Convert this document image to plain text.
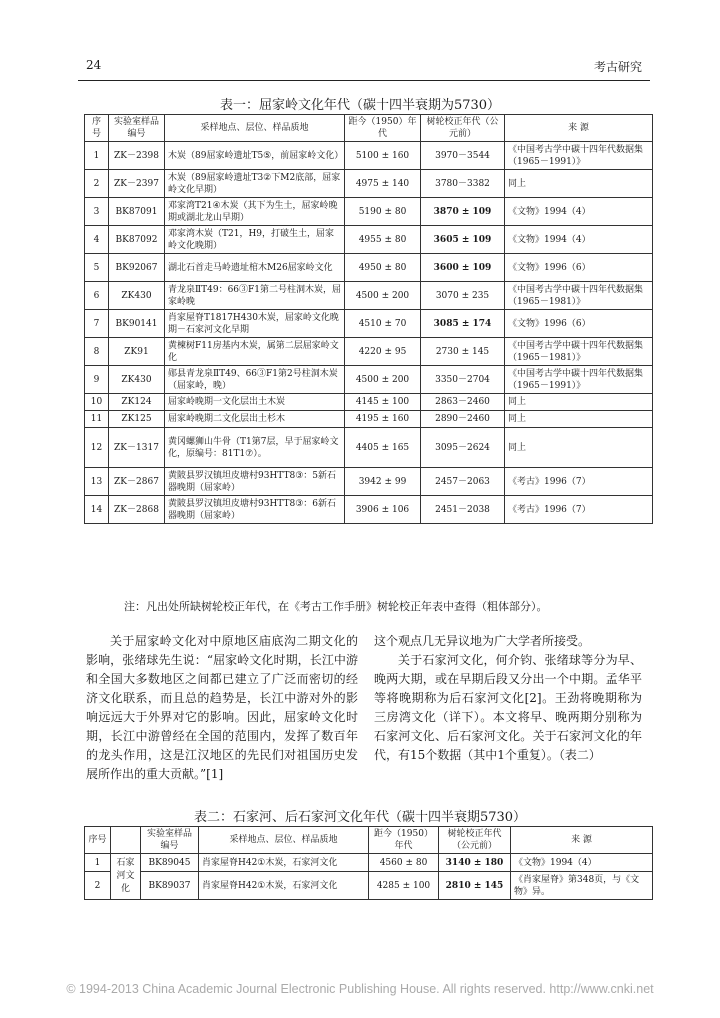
24	考古研究
表一：屈家岭文化年代（碳十四半衰期为5730）
序号	实验室样品编号	采样地点、层位、样品质地	距今（1950）年代	树轮校正年代（公元前）	来 源
1	ZK－2398	木炭（89屈家岭遗址T5⑤，前屈家岭文化）	5100 ± 160	3970－3544	《中国考古学中碳十四年代数据集（1965－1991）》
2	ZK－2397	木炭（89屈家岭遗址T3②下M2底部，屈家岭文化早期）	4975 ± 140	3780－3382	同上
3	BK87091	邓家湾T21④木炭（其下为生土，屈家岭晚期或湖北龙山早期）	5190 ± 80	3870 ± 109	《文物》1994（4）
4	BK87092	邓家湾木炭（T21，H9，打破生土，屈家岭文化晚期）	4955 ± 80	3605 ± 109	《文物》1994（4）
5	BK92067	湖北石首走马岭遗址棺木M26屈家岭文化	4950 ± 80	3600 ± 109	《文物》1996（6）
6	ZK430	青龙泉ⅡT49：66③F1第二号柱洞木炭，屈家岭晚	4500 ± 200	3070 ± 235	《中国考古学中碳十四年代数据集（1965－1981）》
7	BK90141	肖家屋脊T1817H430木炭，屈家岭文化晚期－石家河文化早期	4510 ± 70	3085 ± 174	《文物》1996（6）
8	ZK91	黄楝树F11房基内木炭，属第二层屈家岭文化	4220 ± 95	2730 ± 145	《中国考古学中碳十四年代数据集（1965－1981）》
9	ZK430	郧县青龙泉ⅡT49、66③F1第2号柱洞木炭（屈家岭，晚）	4500 ± 200	3350－2704	《中国考古学中碳十四年代数据集（1965－1991）》
10	ZK124	屈家岭晚期一文化层出土木炭	4145 ± 100	2863－2460	同上
11	ZK125	屈家岭晚期二文化层出土杉木	4195 ± 160	2890－2460	同上
12	ZK－1317	黄冈螺狮山牛骨（T1第7层，早于屈家岭文化，原编号：81T1⑦）。	4405 ± 165	3095－2624	同上
13	ZK－2867	黄陂县罗汉镇坦皮塘村93HTT8③：5新石器晚期（屈家岭）	3942 ± 99	2457－2063	《考古》1996（7）
14	ZK－2868	黄陂县罗汉镇坦皮塘村93HTT8③：6新石器晚期（屈家岭）	3906 ± 106	2451－2038	《考古》1996（7）
注：凡出处所缺树轮校正年代，在《考古工作手册》树轮校正年表中查得（粗体部分）。

关于屈家岭文化对中原地区庙底沟二期文化的影响，张绪球先生说：“屈家岭文化时期，长江中游和全国大多数地区之间都已建立了广泛而密切的经济文化联系，而且总的趋势是，长江中游对外的影响远远大于外界对它的影响。因此，屈家岭文化时期，长江中游曾经在全国的范围内，发挥了数百年的龙头作用，这是江汉地区的先民们对祖国历史发展所作出的重大贡献。”[1]

这个观点几无异议地为广大学者所接受。

关于石家河文化，何介钧、张绪球等分为早、晚两大期，或在早期后段又分出一个中期。孟华平等将晚期称为后石家河文化[2]。王劲将晚期称为三房湾文化（详下）。本文将早、晚两期分别称为石家河文化、后石家河文化。关于石家河文化的年代，有15个数据（其中1个重复）。（表二）

表二：石家河、后石家河文化年代（碳十四半衰期5730）
序号		实验室样品编号	采样地点、层位、样品质地	距今（1950）年代	树轮校正年代（公元前）	来 源
1	石家河文化	BK89045	肖家屋脊H42①木炭，石家河文化	4560 ± 80	3140 ± 180	《文物》1994（4）
2		BK89037	肖家屋脊H42①木炭，石家河文化	4285 ± 100	2810 ± 145	《肖家屋脊》第348页，与《文物》异。
© 1994-2013 China Academic Journal Electronic Publishing House. All rights reserved. http://www.cnki.net
